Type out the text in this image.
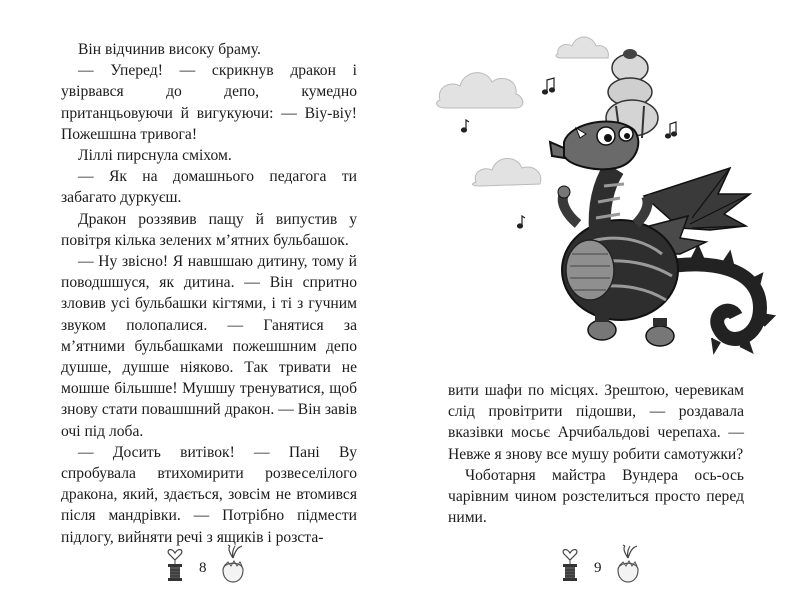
Він відчинив високу браму.

— Уперед! — скрикнув дракон і увірвався до депо, кумедно пританцьовуючи й вигукуючи: — Віу-віу! Пожешшна тривога!

Ліллі пирснула сміхом.

— Як на домашнього педагога ти забагато дуркуєш.

Дракон роззявив пащу й випустив у повітря кілька зелених м’ятних бульбашок.

— Ну звісно! Я навшшаю дитину, тому й поводшшуся, як дитина. — Він спритно зловив усі бульбашки кігтями, і ті з гучним звуком полопалися. — Ганятися за м’ятними бульбашками пожешшним депо душше, душше ніяково. Так тривати не мошше більшше! Мушшу тренуватися, щоб знову стати повашшний дракон. — Він завів очі під лоба.

— Досить витівок! — Пані Ву спробувала втихомирити розвеселілого дракона, який, здається, зовсім не втомився після мандрівки. — Потрібно підмести підлогу, вийняти речі з ящиків і розста-

8

вити шафи по місцях. Зрештою, черевикам слід провітрити підошви, — роздавала вказівки мосьє Арчибальдові черепаха. — Невже я знову все мушу робити самотужки?

Чоботарня майстра Вундера ось-ось чарівним чином розстелиться просто перед ними.

9
